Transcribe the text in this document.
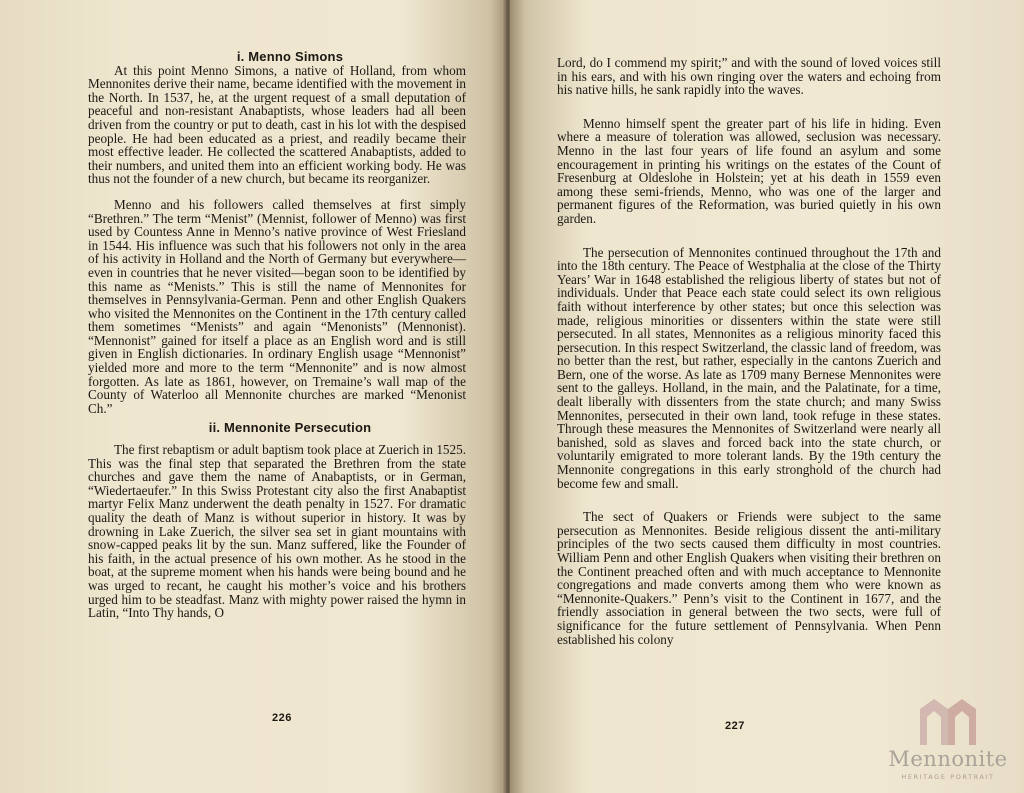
i. Menno Simons

At this point Menno Simons, a native of Holland, from whom Mennonites derive their name, became identified with the movement in the North. In 1537, he, at the urgent request of a small deputation of peaceful and non-resistant Anabaptists, whose leaders had all been driven from the country or put to death, cast in his lot with the despised people. He had been educated as a priest, and readily became their most effective leader. He collected the scattered Anabaptists, added to their numbers, and united them into an efficient working body. He was thus not the founder of a new church, but became its reorganizer.

Menno and his followers called themselves at first simply “Brethren.” The term “Menist” (Mennist, follower of Menno) was first used by Countess Anne in Menno’s native province of West Friesland in 1544. His influence was such that his followers not only in the area of his activity in Holland and the North of Germany but everywhere—even in countries that he never visited—began soon to be identified by this name as “Menists.” This is still the name of Mennonites for themselves in Pennsylvania-German. Penn and other English Quakers who visited the Mennonites on the Continent in the 17th century called them sometimes “Menists” and again “Menonists” (Mennonist). “Mennonist” gained for itself a place as an English word and is still given in English dictionaries. In ordinary English usage “Mennonist” yielded more and more to the term “Mennonite” and is now almost forgotten. As late as 1861, however, on Tremaine’s wall map of the County of Waterloo all Mennonite churches are marked “Menonist Ch.”

ii. Mennonite Persecution

The first rebaptism or adult baptism took place at Zuerich in 1525. This was the final step that separated the Brethren from the state churches and gave them the name of Anabaptists, or in German, “Wiedertaeufer.” In this Swiss Protestant city also the first Anabaptist martyr Felix Manz underwent the death penalty in 1527. For dramatic quality the death of Manz is without superior in history. It was by drowning in Lake Zuerich, the silver sea set in giant mountains with snow-capped peaks lit by the sun. Manz suffered, like the Founder of his faith, in the actual presence of his own mother. As he stood in the boat, at the supreme moment when his hands were being bound and he was urged to recant, he caught his mother’s voice and his brothers urged him to be steadfast. Manz with mighty power raised the hymn in Latin, “Into Thy hands, O

226

Lord, do I commend my spirit;” and with the sound of loved voices still in his ears, and with his own ringing over the waters and echoing from his native hills, he sank rapidly into the waves.

Menno himself spent the greater part of his life in hiding. Even where a measure of toleration was allowed, seclusion was necessary. Menno in the last four years of life found an asylum and some encouragement in printing his writings on the estates of the Count of Fresenburg at Oldeslohe in Holstein; yet at his death in 1559 even among these semi-friends, Menno, who was one of the larger and permanent figures of the Reformation, was buried quietly in his own garden.

The persecution of Mennonites continued throughout the 17th and into the 18th century. The Peace of Westphalia at the close of the Thirty Years’ War in 1648 established the religious liberty of states but not of individuals. Under that Peace each state could select its own religious faith without interference by other states; but once this selection was made, religious minorities or dissenters within the state were still persecuted. In all states, Mennonites as a religious minority faced this persecution. In this respect Switzerland, the classic land of freedom, was no better than the rest, but rather, especially in the cantons Zuerich and Bern, one of the worse. As late as 1709 many Bernese Mennonites were sent to the galleys. Holland, in the main, and the Palatinate, for a time, dealt liberally with dissenters from the state church; and many Swiss Mennonites, persecuted in their own land, took refuge in these states. Through these measures the Mennonites of Switzerland were nearly all banished, sold as slaves and forced back into the state church, or voluntarily emigrated to more tolerant lands. By the 19th century the Mennonite congregations in this early stronghold of the church had become few and small.

The sect of Quakers or Friends were subject to the same persecution as Mennonites. Beside religious dissent the anti-military principles of the two sects caused them difficulty in most countries. William Penn and other English Quakers when visiting their brethren on the Continent preached often and with much acceptance to Mennonite congregations and made converts among them who were known as “Mennonite-Quakers.” Penn’s visit to the Continent in 1677, and the friendly association in general between the two sects, were full of significance for the future settlement of Pennsylvania. When Penn established his colony

227
Mennonite
HERITAGE PORTRAIT
